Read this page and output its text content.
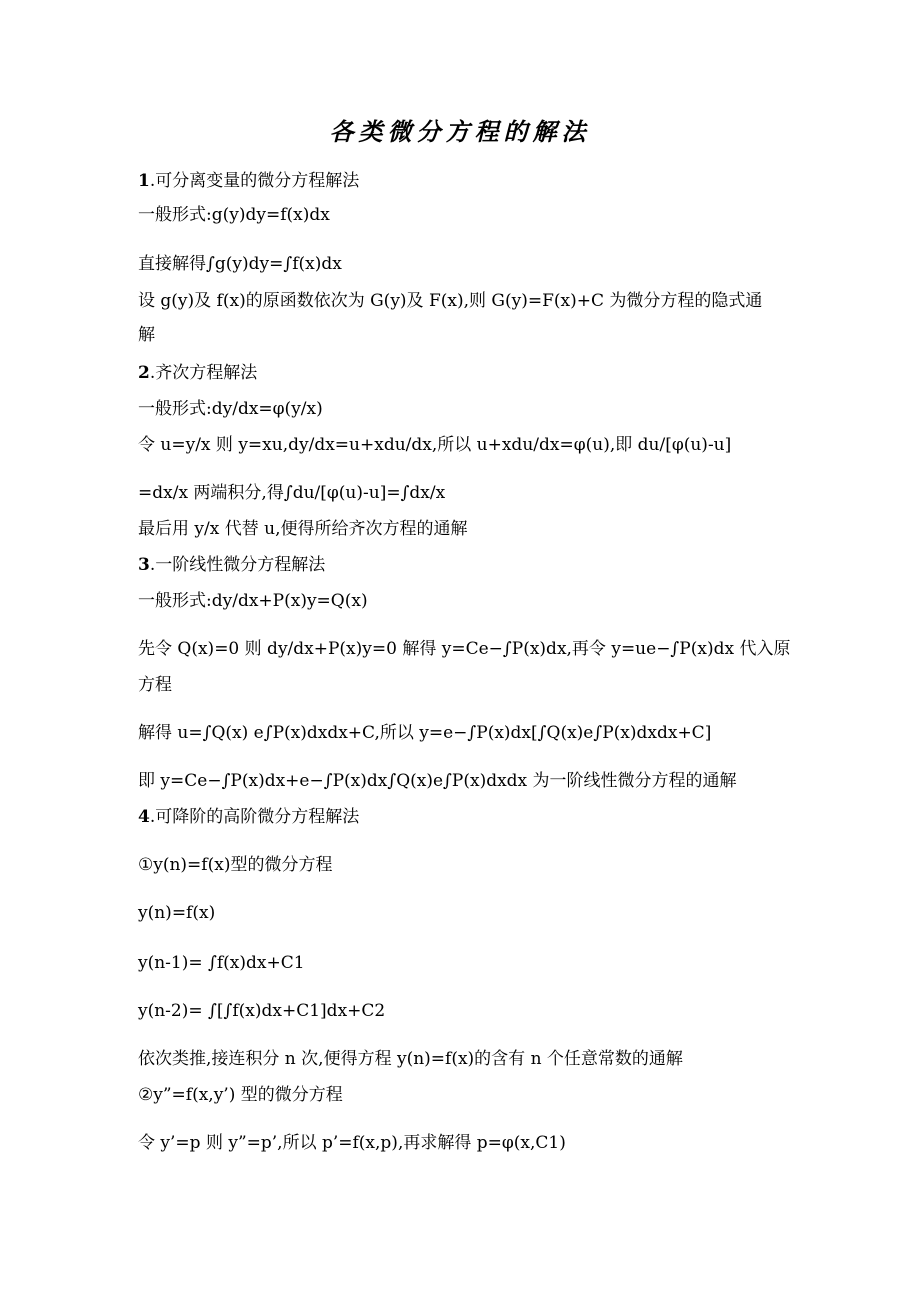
各类微分方程的解法
1.可分离变量的微分方程解法
一般形式:g(y)dy=f(x)dx
直接解得∫g(y)dy=∫f(x)dx
设 g(y)及 f(x)的原函数依次为 G(y)及 F(x),则 G(y)=F(x)+C 为微分方程的隐式通
解
2.齐次方程解法
一般形式:dy/dx=φ(y/x)
令 u=y/x 则 y=xu,dy/dx=u+xdu/dx,所以 u+xdu/dx=φ(u),即 du/[φ(u)-u]
=dx/x 两端积分,得∫du/[φ(u)-u]=∫dx/x
最后用 y/x 代替 u,便得所给齐次方程的通解
3.一阶线性微分方程解法
一般形式:dy/dx+P(x)y=Q(x)
先令 Q(x)=0 则 dy/dx+P(x)y=0 解得 y=Ce−∫P(x)dx,再令 y=ue−∫P(x)dx 代入原
方程
解得 u=∫Q(x) e∫P(x)dxdx+C,所以 y=e−∫P(x)dx[∫Q(x)e∫P(x)dxdx+C]
即 y=Ce−∫P(x)dx+e−∫P(x)dx∫Q(x)e∫P(x)dxdx 为一阶线性微分方程的通解
4.可降阶的高阶微分方程解法
①y(n)=f(x)型的微分方程
y(n)=f(x)
y(n-1)= ∫f(x)dx+C1
y(n-2)= ∫[∫f(x)dx+C1]dx+C2
依次类推,接连积分 n 次,便得方程 y(n)=f(x)的含有 n 个任意常数的通解
②y”=f(x,y’) 型的微分方程
令 y’=p 则 y”=p’,所以 p’=f(x,p),再求解得 p=φ(x,C1)
